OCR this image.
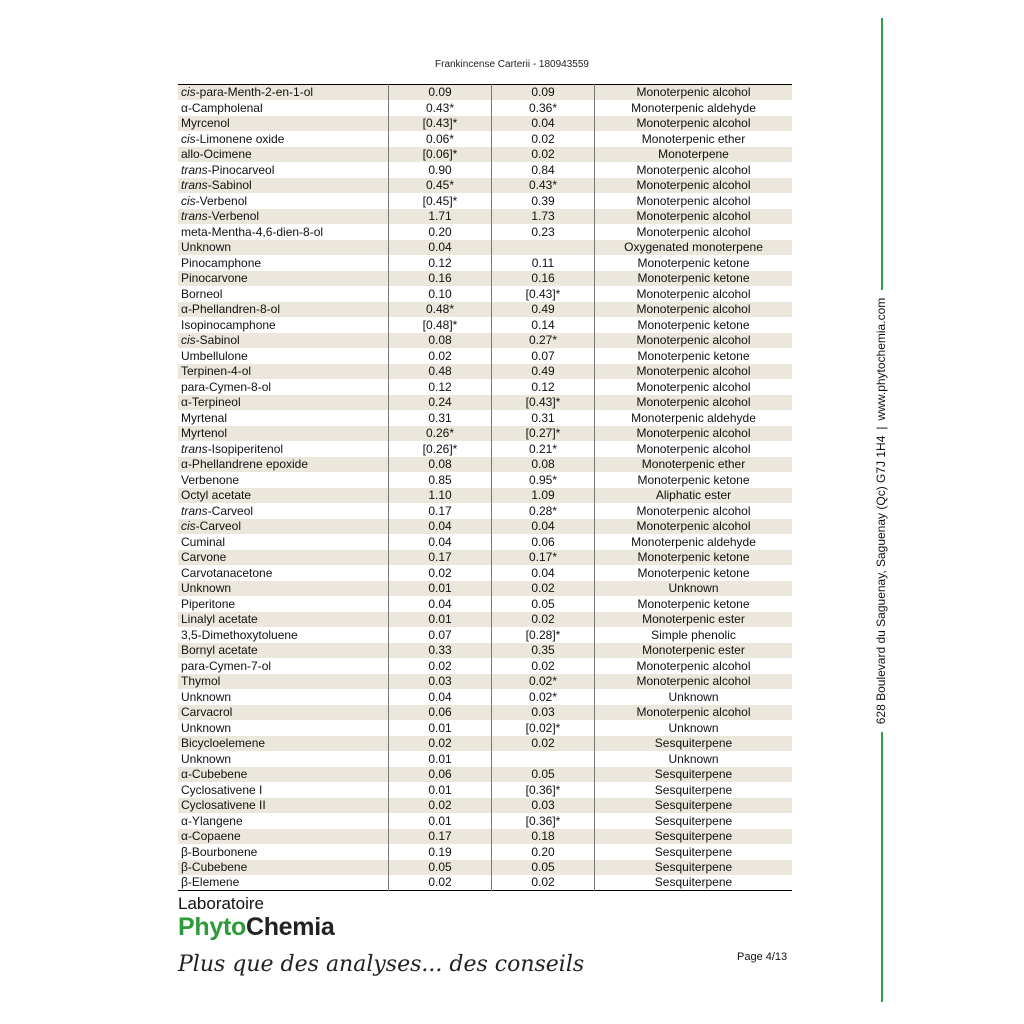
Frankincense Carterii - 180943559
cis-para-Menth-2-en-1-ol	0.09	0.09	Monoterpenic alcohol
α-Campholenal	0.43*	0.36*	Monoterpenic aldehyde
Myrcenol	[0.43]*	0.04	Monoterpenic alcohol
cis-Limonene oxide	0.06*	0.02	Monoterpenic ether
allo-Ocimene	[0.06]*	0.02	Monoterpene
trans-Pinocarveol	0.90	0.84	Monoterpenic alcohol
trans-Sabinol	0.45*	0.43*	Monoterpenic alcohol
cis-Verbenol	[0.45]*	0.39	Monoterpenic alcohol
trans-Verbenol	1.71	1.73	Monoterpenic alcohol
meta-Mentha-4,6-dien-8-ol	0.20	0.23	Monoterpenic alcohol
Unknown	0.04		Oxygenated monoterpene
Pinocamphone	0.12	0.11	Monoterpenic ketone
Pinocarvone	0.16	0.16	Monoterpenic ketone
Borneol	0.10	[0.43]*	Monoterpenic alcohol
α-Phellandren-8-ol	0.48*	0.49	Monoterpenic alcohol
Isopinocamphone	[0.48]*	0.14	Monoterpenic ketone
cis-Sabinol	0.08	0.27*	Monoterpenic alcohol
Umbellulone	0.02	0.07	Monoterpenic ketone
Terpinen-4-ol	0.48	0.49	Monoterpenic alcohol
para-Cymen-8-ol	0.12	0.12	Monoterpenic alcohol
α-Terpineol	0.24	[0.43]*	Monoterpenic alcohol
Myrtenal	0.31	0.31	Monoterpenic aldehyde
Myrtenol	0.26*	[0.27]*	Monoterpenic alcohol
trans-Isopiperitenol	[0.26]*	0.21*	Monoterpenic alcohol
α-Phellandrene epoxide	0.08	0.08	Monoterpenic ether
Verbenone	0.85	0.95*	Monoterpenic ketone
Octyl acetate	1.10	1.09	Aliphatic ester
trans-Carveol	0.17	0.28*	Monoterpenic alcohol
cis-Carveol	0.04	0.04	Monoterpenic alcohol
Cuminal	0.04	0.06	Monoterpenic aldehyde
Carvone	0.17	0.17*	Monoterpenic ketone
Carvotanacetone	0.02	0.04	Monoterpenic ketone
Unknown	0.01	0.02	Unknown
Piperitone	0.04	0.05	Monoterpenic ketone
Linalyl acetate	0.01	0.02	Monoterpenic ester
3,5-Dimethoxytoluene	0.07	[0.28]*	Simple phenolic
Bornyl acetate	0.33	0.35	Monoterpenic ester
para-Cymen-7-ol	0.02	0.02	Monoterpenic alcohol
Thymol	0.03	0.02*	Monoterpenic alcohol
Unknown	0.04	0.02*	Unknown
Carvacrol	0.06	0.03	Monoterpenic alcohol
Unknown	0.01	[0.02]*	Unknown
Bicycloelemene	0.02	0.02	Sesquiterpene
Unknown	0.01		Unknown
α-Cubebene	0.06	0.05	Sesquiterpene
Cyclosativene I	0.01	[0.36]*	Sesquiterpene
Cyclosativene II	0.02	0.03	Sesquiterpene
α-Ylangene	0.01	[0.36]*	Sesquiterpene
α-Copaene	0.17	0.18	Sesquiterpene
β-Bourbonene	0.19	0.20	Sesquiterpene
β-Cubebene	0.05	0.05	Sesquiterpene
β-Elemene	0.02	0.02	Sesquiterpene
Laboratoire
PhytoChemia
Plus que des analyses... des conseils	Page 4/13
628 Boulevard du Saguenay, Saguenay (Qc) G7J 1H4|www.phytochemia.com
